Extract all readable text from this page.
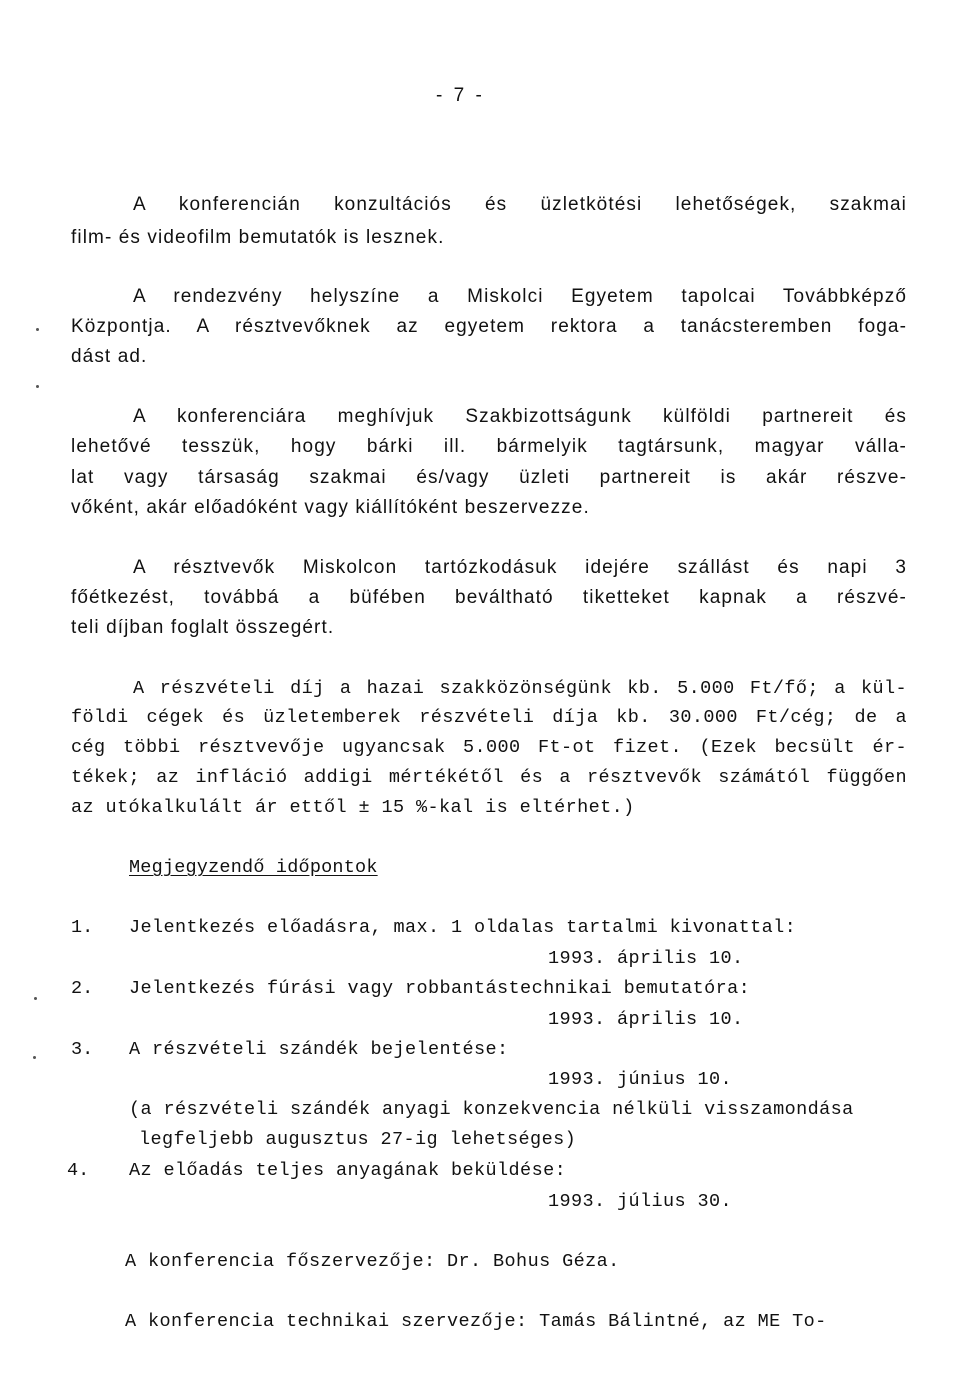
- 7 -
A konferencián konzultációs és üzletkötési lehetőségek, szakmai
film- és videofilm bemutatók is lesznek.
A rendezvény helyszíne a Miskolci Egyetem tapolcai Továbbképző
Központja. A résztvevőknek az egyetem rektora a tanácsteremben foga-
dást ad.
A konferenciára meghívjuk Szakbizottságunk külföldi partnereit és
lehetővé tesszük, hogy bárki ill. bármelyik tagtársunk, magyar válla-
lat vagy társaság szakmai és/vagy üzleti partnereit is akár részve-
vőként, akár előadóként vagy kiállítóként beszervezze.
A résztvevők Miskolcon tartózkodásuk idejére szállást és napi 3
főétkezést, továbbá a büfében beváltható tiketteket kapnak a részvé-
teli díjban foglalt összegért.
A részvételi díj a hazai szakközönségünk kb. 5.000 Ft/fő; a kül-
földi cégek és üzletemberek részvételi díja kb. 30.000 Ft/cég; de a
cég többi résztvevője ugyancsak 5.000 Ft-ot fizet. (Ezek becsült ér-
tékek; az infláció addigi mértékétől és a résztvevők számától függően
az utókalkulált ár ettől ± 15 %-kal is eltérhet.)
Megjegyzendő időpontok
1. Jelentkezés előadásra, max. 1 oldalas tartalmi kivonattal:
1993. április 10.
2. Jelentkezés fúrási vagy robbantástechnikai bemutatóra:
1993. április 10.
3. A részvételi szándék bejelentése:
1993. június 10.
(a részvételi szándék anyagi konzekvencia nélküli visszamondása
legfeljebb augusztus 27-ig lehetséges)
4. Az előadás teljes anyagának beküldése:
1993. július 30.
A konferencia főszervezője: Dr. Bohus Géza.
A konferencia technikai szervezője: Tamás Bálintné, az ME To-
